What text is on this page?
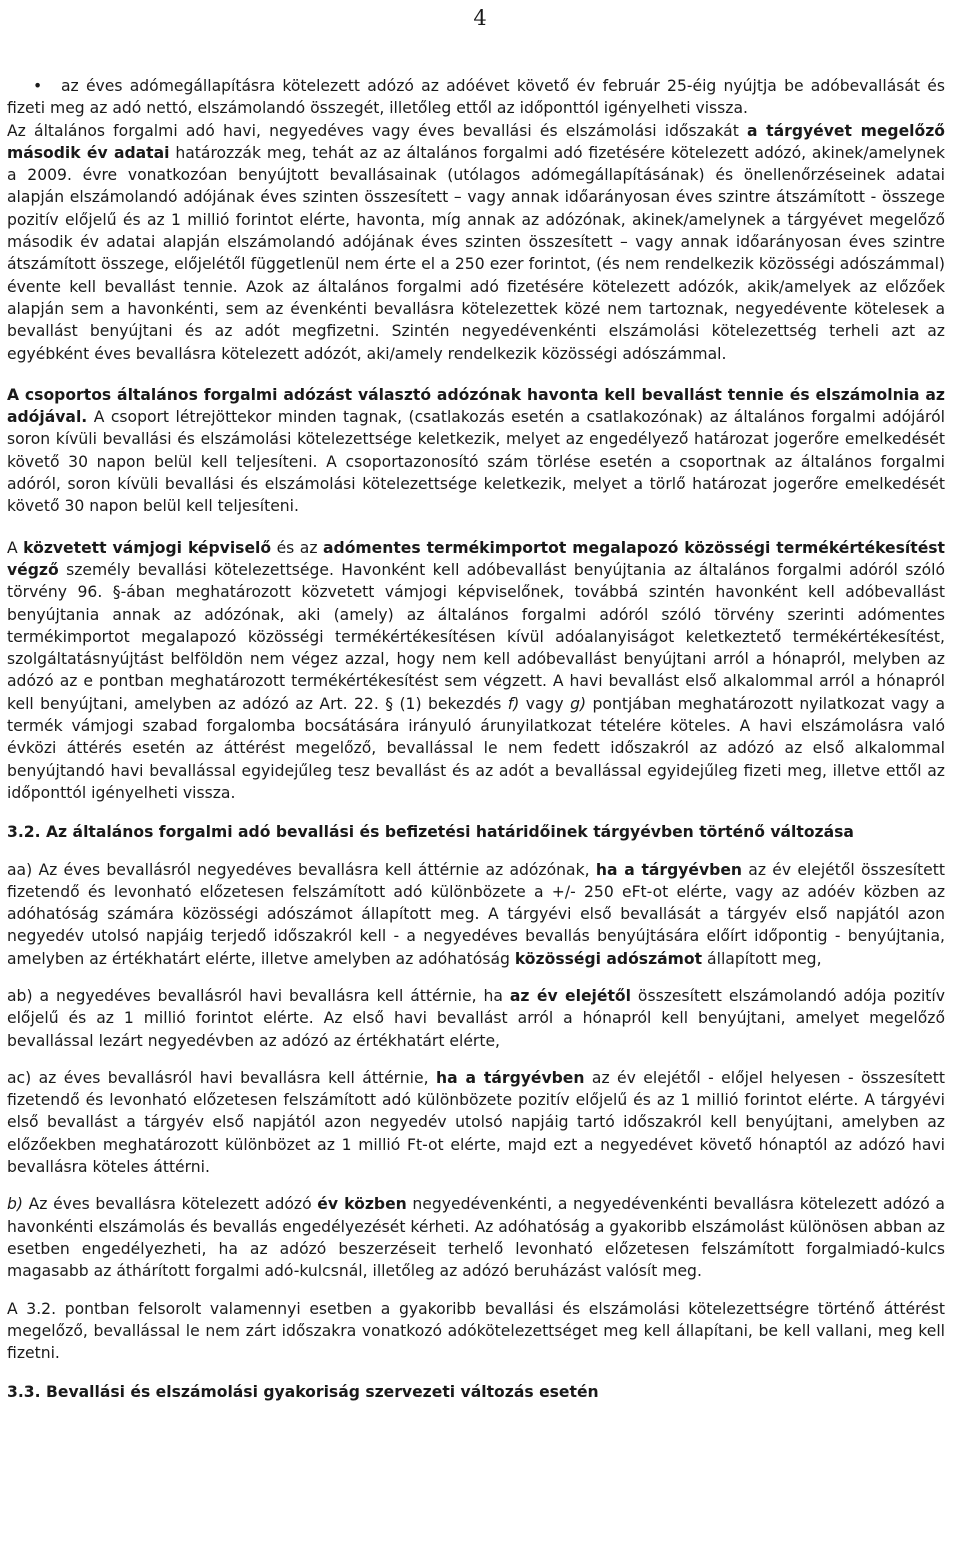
4

• az éves adómegállapításra kötelezett adózó az adóévet követő év február 25-éig nyújtja be adóbevallását és fizeti meg az adó nettó, elszámolandó összegét, illetőleg ettől az időponttól igényelheti vissza.

Az általános forgalmi adó havi, negyedéves vagy éves bevallási és elszámolási időszakát a tárgyévet megelőző második év adatai határozzák meg, tehát az az általános forgalmi adó fizetésére kötelezett adózó, akinek/amelynek a 2009. évre vonatkozóan benyújtott bevallásainak (utólagos adómegállapításának) és önellenőrzéseinek adatai alapján elszámolandó adójának éves szinten összesített – vagy annak időarányosan éves szintre átszámított - összege pozitív előjelű és az 1 millió forintot elérte, havonta, míg annak az adózónak, akinek/amelynek a tárgyévet megelőző második év adatai alapján elszámolandó adójának éves szinten összesített – vagy annak időarányosan éves szintre átszámított összege, előjelétől függetlenül nem érte el a 250 ezer forintot, (és nem rendelkezik közösségi adószámmal) évente kell bevallást tennie. Azok az általános forgalmi adó fizetésére kötelezett adózók, akik/amelyek az előzőek alapján sem a havonkénti, sem az évenkénti bevallásra kötelezettek közé nem tartoznak, negyedévente kötelesek a bevallást benyújtani és az adót megfizetni. Szintén negyedévenkénti elszámolási kötelezettség terheli azt az egyébként éves bevallásra kötelezett adózót, aki/amely rendelkezik közösségi adószámmal.

A csoportos általános forgalmi adózást választó adózónak havonta kell bevallást tennie és elszámolnia az adójával. A csoport létrejöttekor minden tagnak, (csatlakozás esetén a csatlakozónak) az általános forgalmi adójáról soron kívüli bevallási és elszámolási kötelezettsége keletkezik, melyet az engedélyező határozat jogerőre emelkedését követő 30 napon belül kell teljesíteni. A csoportazonosító szám törlése esetén a csoportnak az általános forgalmi adóról, soron kívüli bevallási és elszámolási kötelezettsége keletkezik, melyet a törlő határozat jogerőre emelkedését követő 30 napon belül kell teljesíteni.

A közvetett vámjogi képviselő és az adómentes termékimportot megalapozó közösségi termékértékesítést végző személy bevallási kötelezettsége. Havonként kell adóbevallást benyújtania az általános forgalmi adóról szóló törvény 96. §-ában meghatározott közvetett vámjogi képviselőnek, továbbá szintén havonként kell adóbevallást benyújtania annak az adózónak, aki (amely) az általános forgalmi adóról szóló törvény szerinti adómentes termékimportot megalapozó közösségi termékértékesítésen kívül adóalanyiságot keletkeztető termékértékesítést, szolgáltatásnyújtást belföldön nem végez azzal, hogy nem kell adóbevallást benyújtani arról a hónapról, melyben az adózó az e pontban meghatározott termékértékesítést sem végzett. A havi bevallást első alkalommal arról a hónapról kell benyújtani, amelyben az adózó az Art. 22. § (1) bekezdés f) vagy g) pontjában meghatározott nyilatkozat vagy a termék vámjogi szabad forgalomba bocsátására irányuló árunyilatkozat tételére köteles. A havi elszámolásra való évközi áttérés esetén az áttérést megelőző, bevallással le nem fedett időszakról az adózó az első alkalommal benyújtandó havi bevallással egyidejűleg tesz bevallást és az adót a bevallással egyidejűleg fizeti meg, illetve ettől az időponttól igényelheti vissza.

3.2. Az általános forgalmi adó bevallási és befizetési határidőinek tárgyévben történő változása

aa) Az éves bevallásról negyedéves bevallásra kell áttérnie az adózónak, ha a tárgyévben az év elejétől összesített fizetendő és levonható előzetesen felszámított adó különbözete a +/- 250 eFt-ot elérte, vagy az adóév közben az adóhatóság számára közösségi adószámot állapított meg. A tárgyévi első bevallását a tárgyév első napjától azon negyedév utolsó napjáig terjedő időszakról kell - a negyedéves bevallás benyújtására előírt időpontig - benyújtania, amelyben az értékhatárt elérte, illetve amelyben az adóhatóság közösségi adószámot állapított meg,

ab) a negyedéves bevallásról havi bevallásra kell áttérnie, ha az év elejétől összesített elszámolandó adója pozitív előjelű és az 1 millió forintot elérte. Az első havi bevallást arról a hónapról kell benyújtani, amelyet megelőző bevallással lezárt negyedévben az adózó az értékhatárt elérte,

ac) az éves bevallásról havi bevallásra kell áttérnie, ha a tárgyévben az év elejétől - előjel helyesen - összesített fizetendő és levonható előzetesen felszámított adó különbözete pozitív előjelű és az 1 millió forintot elérte. A tárgyévi első bevallást a tárgyév első napjától azon negyedév utolsó napjáig tartó időszakról kell benyújtani, amelyben az előzőekben meghatározott különbözet az 1 millió Ft-ot elérte, majd ezt a negyedévet követő hónaptól az adózó havi bevallásra köteles áttérni.

b) Az éves bevallásra kötelezett adózó év közben negyedévenkénti, a negyedévenkénti bevallásra kötelezett adózó a havonkénti elszámolás és bevallás engedélyezését kérheti. Az adóhatóság a gyakoribb elszámolást különösen abban az esetben engedélyezheti, ha az adózó beszerzéseit terhelő levonható előzetesen felszámított forgalmiadó-kulcs magasabb az áthárított forgalmi adó-kulcsnál, illetőleg az adózó beruházást valósít meg.

A 3.2. pontban felsorolt valamennyi esetben a gyakoribb bevallási és elszámolási kötelezettségre történő áttérést megelőző, bevallással le nem zárt időszakra vonatkozó adókötelezettséget meg kell állapítani, be kell vallani, meg kell fizetni.

3.3. Bevallási és elszámolási gyakoriság szervezeti változás esetén
